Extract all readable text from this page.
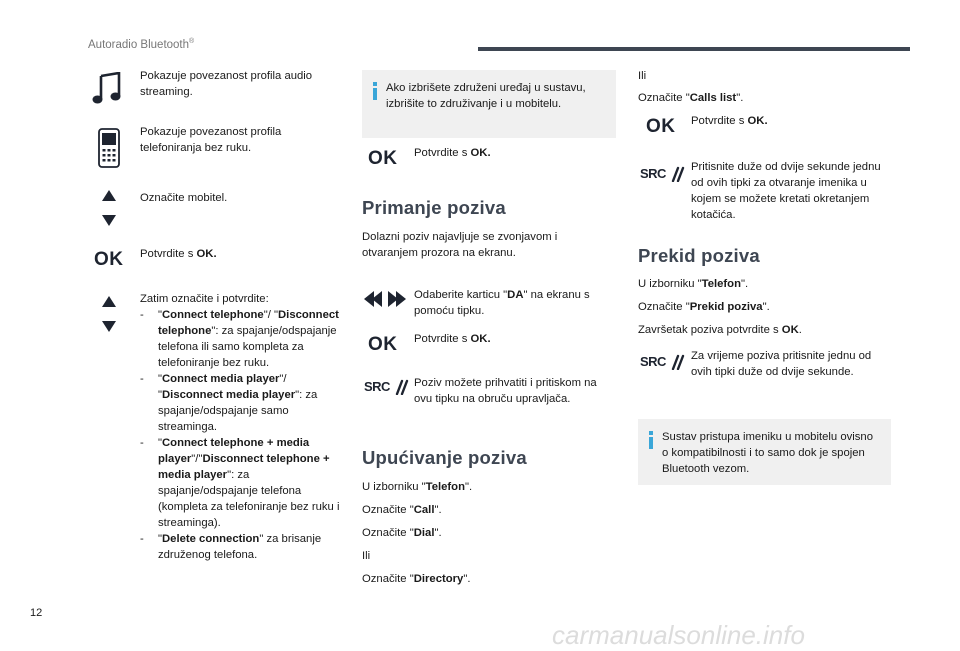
Autoradio Bluetooth®
Pokazuje povezanost profila audio streaming.
Pokazuje povezanost profila telefoniranja bez ruku.
Označite mobitel.
OK Potvrdite s OK.
Zatim označite i potvrdite:
- "Connect telephone"/ "Disconnect telephone": za spajanje/odspajanje telefona ili samo kompleta za telefoniranje bez ruku.
- "Connect media player"/ "Disconnect media player": za spajanje/odspajanje samo streaminga.
- "Connect telephone + media player"/"Disconnect telephone + media player": za spajanje/odspajanje telefona (kompleta za telefoniranje bez ruku i streaminga).
- "Delete connection" za brisanje združenog telefona.
Ako izbrišete združeni uređaj u sustavu, izbrišite to združivanje i u mobitelu.
OK Potvrdite s OK.
Primanje poziva
Dolazni poziv najavljuje se zvonjavom i otvaranjem prozora na ekranu.
Odaberite karticu "DA" na ekranu s pomoću tipku.
OK Potvrdite s OK.
SRC	Poziv možete prihvatiti i pritiskom na ovu tipku na obruču upravljača.
Upućivanje poziva
U izborniku "Telefon".
Označite "Call".
Označite "Dial".
Ili
Označite "Directory".
Ili
Označite "Calls list".
OK Potvrdite s OK.
SRC	Pritisnite duže od dvije sekunde jednu od ovih tipki za otvaranje imenika u kojem se možete kretati okretanjem kotačića.
Prekid poziva
U izborniku "Telefon".
Označite "Prekid poziva".
Završetak poziva potvrdite s OK.
SRC	Za vrijeme poziva pritisnite jednu od ovih tipki duže od dvije sekunde.
Sustav pristupa imeniku u mobitelu ovisno o kompatibilnosti i to samo dok je spojen Bluetooth vezom.
12
carmanualsonline.info
